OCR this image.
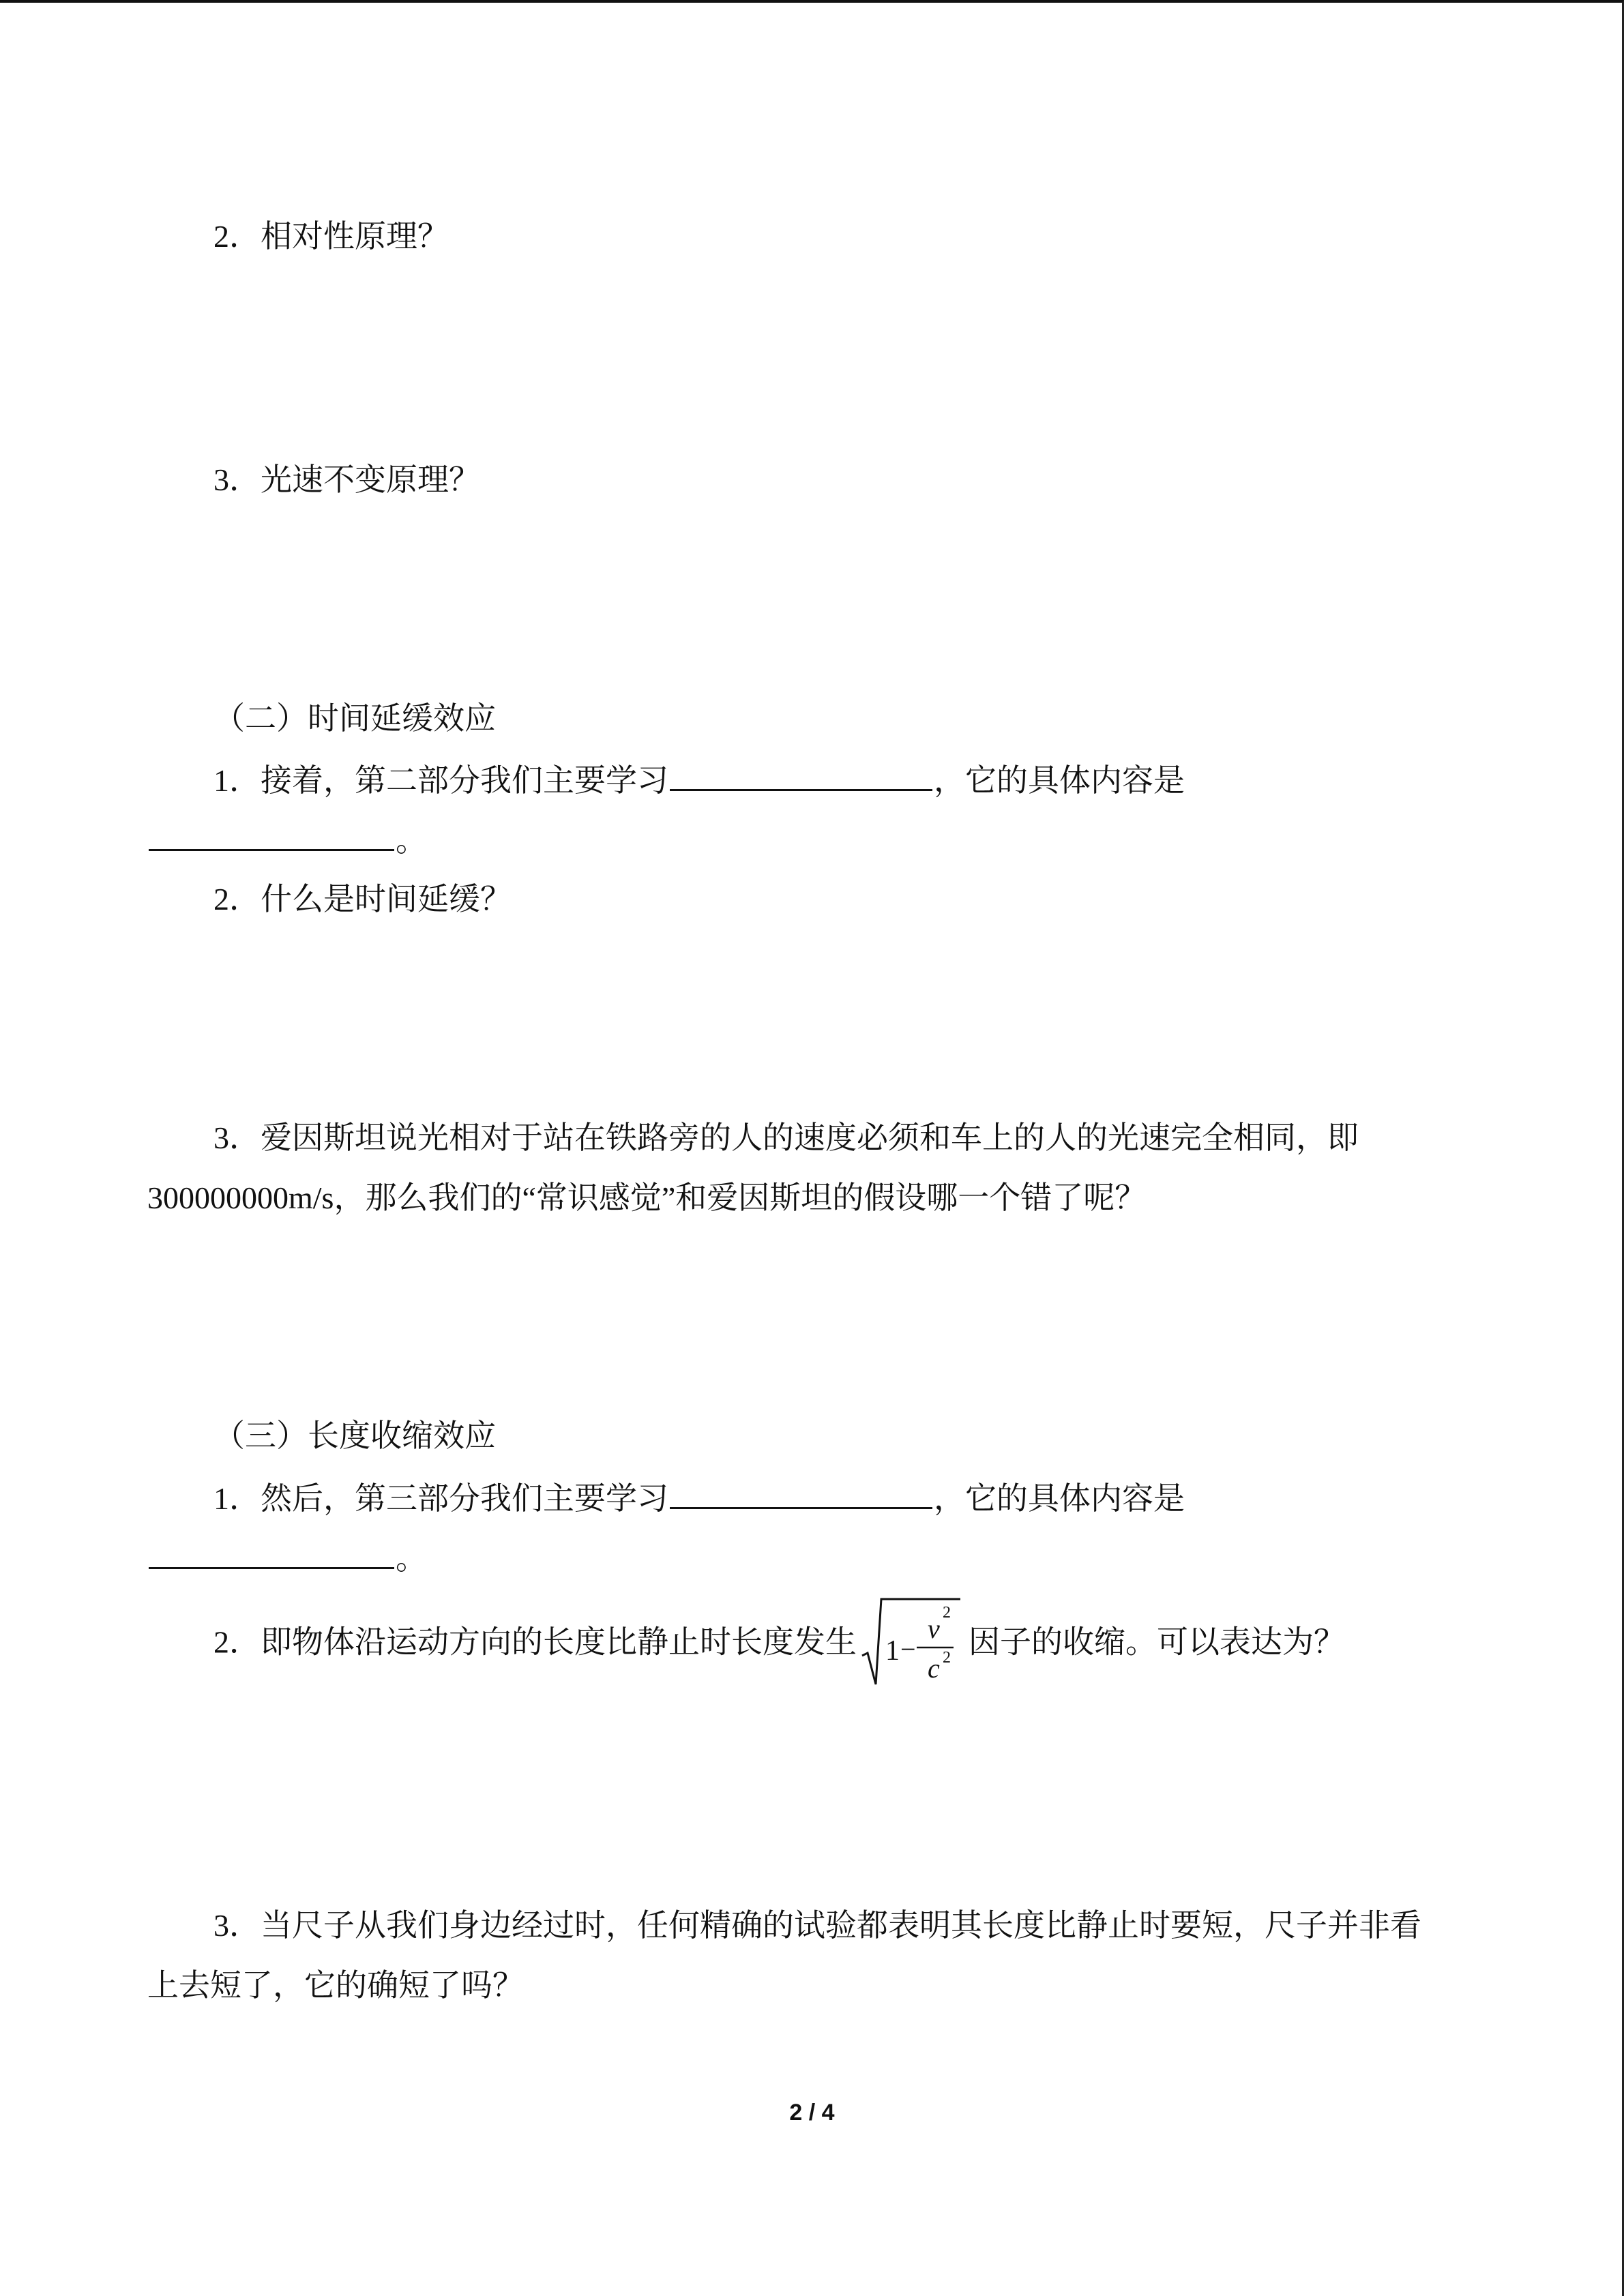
2．相对性原理？
3．光速不变原理？
（二）时间延缓效应
1．接着，第二部分我们主要学习	，它的具体内容是
。
2．什么是时间延缓？
3．爱因斯坦说光相对于站在铁路旁的人的速度必须和车上的人的光速完全相同，即
300000000m/s，那么我们的“常识感觉”和爱因斯坦的假设哪一个错了呢？
（三）长度收缩效应
1．然后，第三部分我们主要学习	，它的具体内容是
。
2．即物体沿运动方向的长度比静止时长度发生 1 −
v
2
c 2 因子的收缩。可以表达为？
3．当尺子从我们身边经过时，任何精确的试验都表明其长度比静止时要短，尺子并非看
上去短了，它的确短了吗？
2 / 4
